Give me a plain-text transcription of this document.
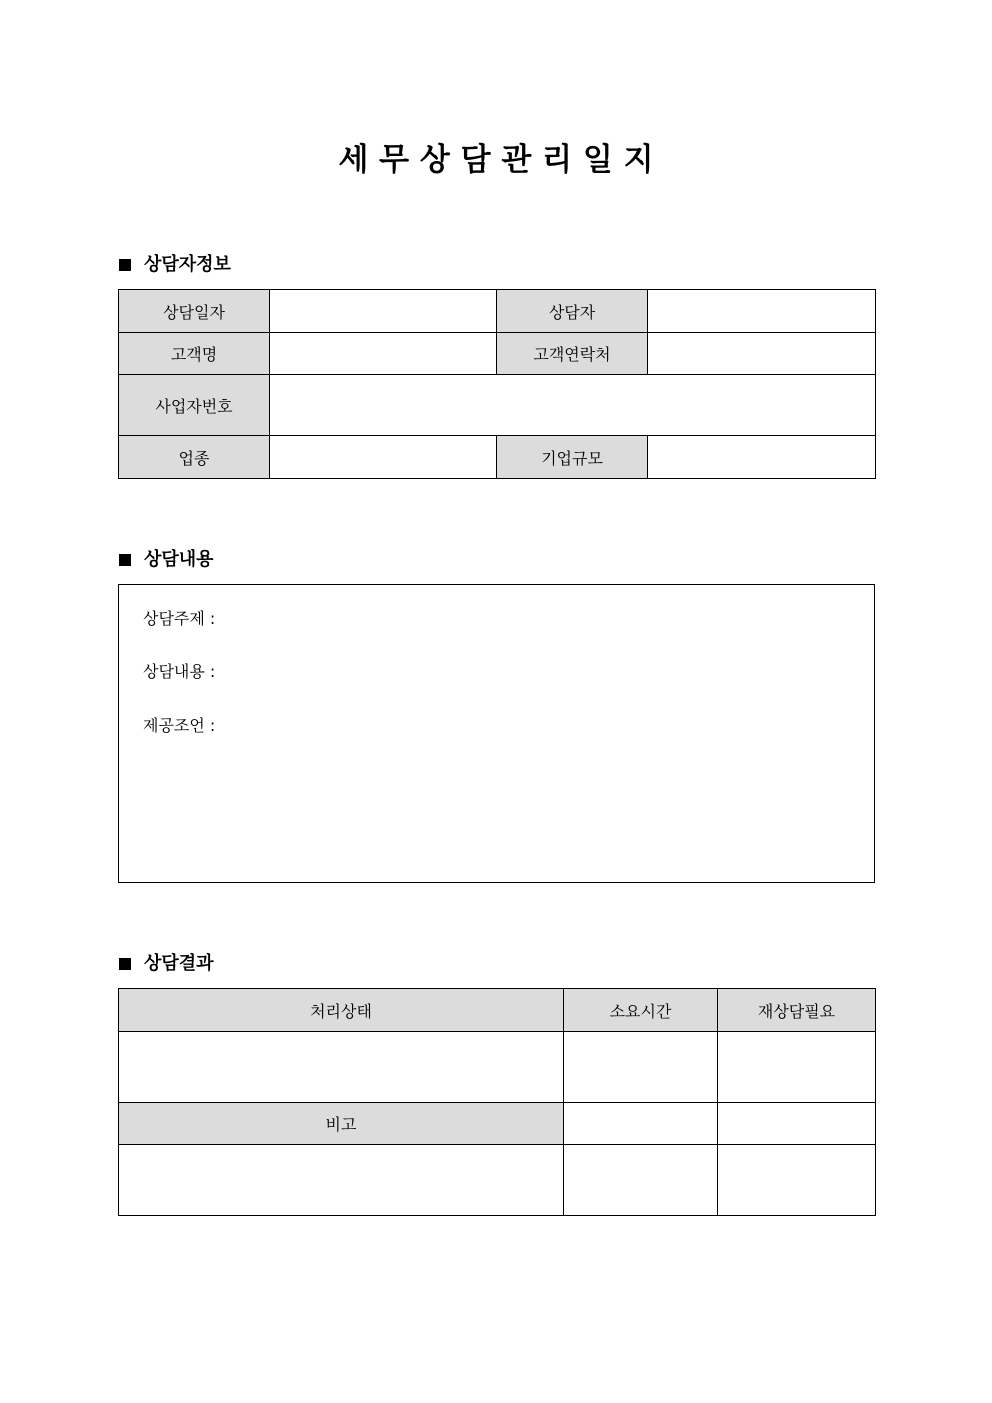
세 무 상 담 관 리 일 지
상담자정보
상담일자		상담자	
고객명		고객연락처	
사업자번호			
업종		기업규모	
상담내용
상담주제 :
상담내용 :
제공조언 :
상담결과
처리상태	소요시간	재상담필요

비고		
